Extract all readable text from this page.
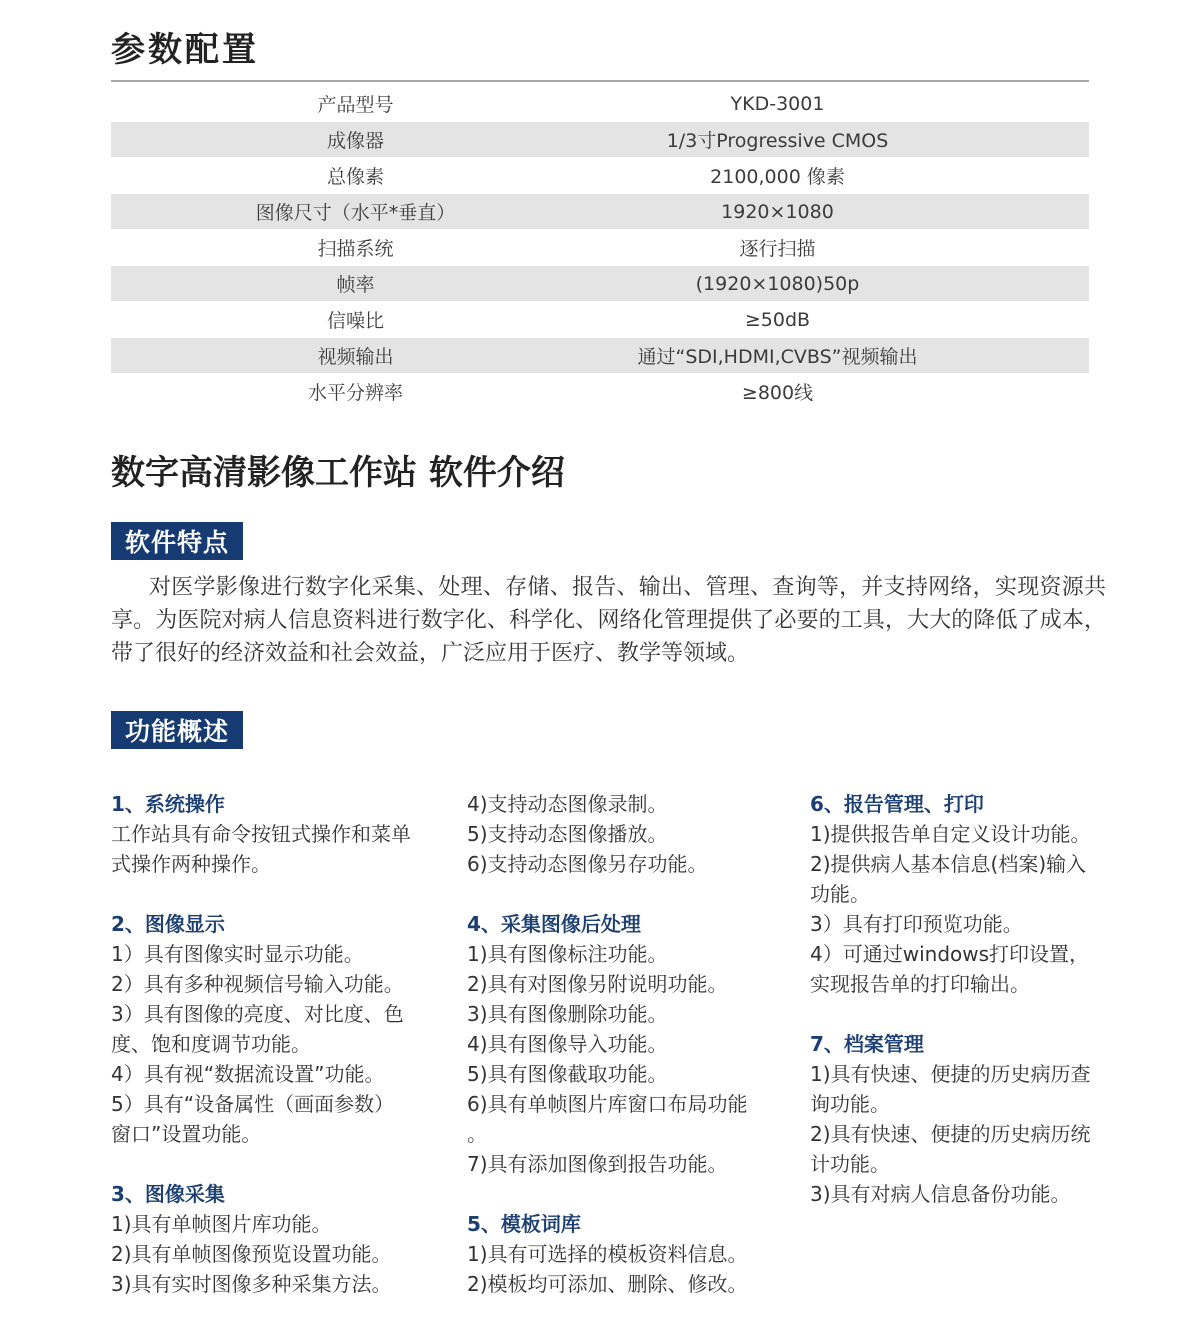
参数配置
产品型号	YKD-3001
成像器	1/3寸Progressive CMOS
总像素	2100,000 像素
图像尺寸（水平*垂直）	1920×1080
扫描系统	逐行扫描
帧率	(1920×1080)50p
信噪比	≥50dB
视频输出	通过“SDI,HDMI,CVBS”视频输出
水平分辨率	≥800线
数字高清影像工作站 软件介绍
软件特点
对医学影像进行数字化采集、处理、存储、报告、输出、管理、查询等，并支持网络，实现资源共享。为医院对病人信息资料进行数字化、科学化、网络化管理提供了必要的工具，大大的降低了成本，带了很好的经济效益和社会效益，广泛应用于医疗、教学等领域。
功能概述
1、系统操作
工作站具有命令按钮式操作和菜单
式操作两种操作。
2、图像显示
1）具有图像实时显示功能。
2）具有多种视频信号输入功能。
3）具有图像的亮度、对比度、色
度、饱和度调节功能。
4）具有视“数据流设置”功能。
5）具有“设备属性（画面参数）
窗口”设置功能。
3、图像采集
1)具有单帧图片库功能。
2)具有单帧图像预览设置功能。
3)具有实时图像多种采集方法。
4)支持动态图像录制。
5)支持动态图像播放。
6)支持动态图像另存功能。
4、采集图像后处理
1)具有图像标注功能。
2)具有对图像另附说明功能。
3)具有图像删除功能。
4)具有图像导入功能。
5)具有图像截取功能。
6)具有单帧图片库窗口布局功能
。
7)具有添加图像到报告功能。
5、模板词库
1)具有可选择的模板资料信息。
2)模板均可添加、删除、修改。
6、报告管理、打印
1)提供报告单自定义设计功能。
2)提供病人基本信息(档案)输入
功能。
3）具有打印预览功能。
4）可通过windows打印设置，
实现报告单的打印输出。
7、档案管理
1)具有快速、便捷的历史病历查
询功能。
2)具有快速、便捷的历史病历统
计功能。
3)具有对病人信息备份功能。
